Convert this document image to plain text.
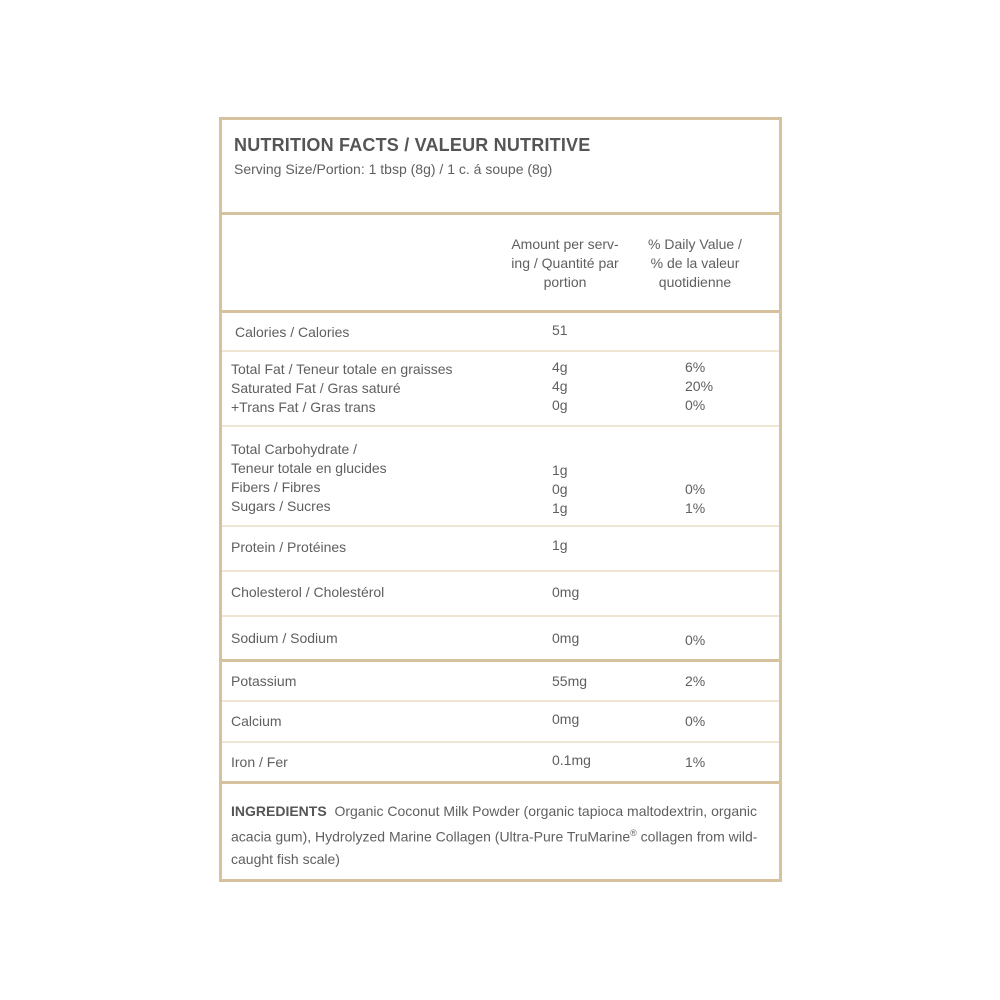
NUTRITION FACTS / VALEUR NUTRITIVE
Serving Size/Portion: 1 tbsp (8g) / 1 c. á soupe (8g)
Amount per serv-
ing / Quantité par
portion
% Daily Value /
% de la valeur
quotidienne
Calories / Calories	51
Total Fat / Teneur totale en graisses	4g	6%
Saturated Fat / Gras saturé	4g	20%
+Trans Fat / Gras trans	0g	0%
Total Carbohydrate /
Teneur totale en glucides	1g
Fibers / Fibres	0g	0%
Sugars / Sucres	1g	1%
Protein / Protéines	1g
Cholesterol / Cholestérol	0mg
Sodium / Sodium	0mg	0%
Potassium	55mg	2%
Calcium	0mg	0%
Iron / Fer	0.1mg	1%
INGREDIENTS Organic Coconut Milk Powder (organic tapioca maltodextrin, organic acacia gum), Hydrolyzed Marine Collagen (Ultra-Pure TruMarine® collagen from wild-caught fish scale)
